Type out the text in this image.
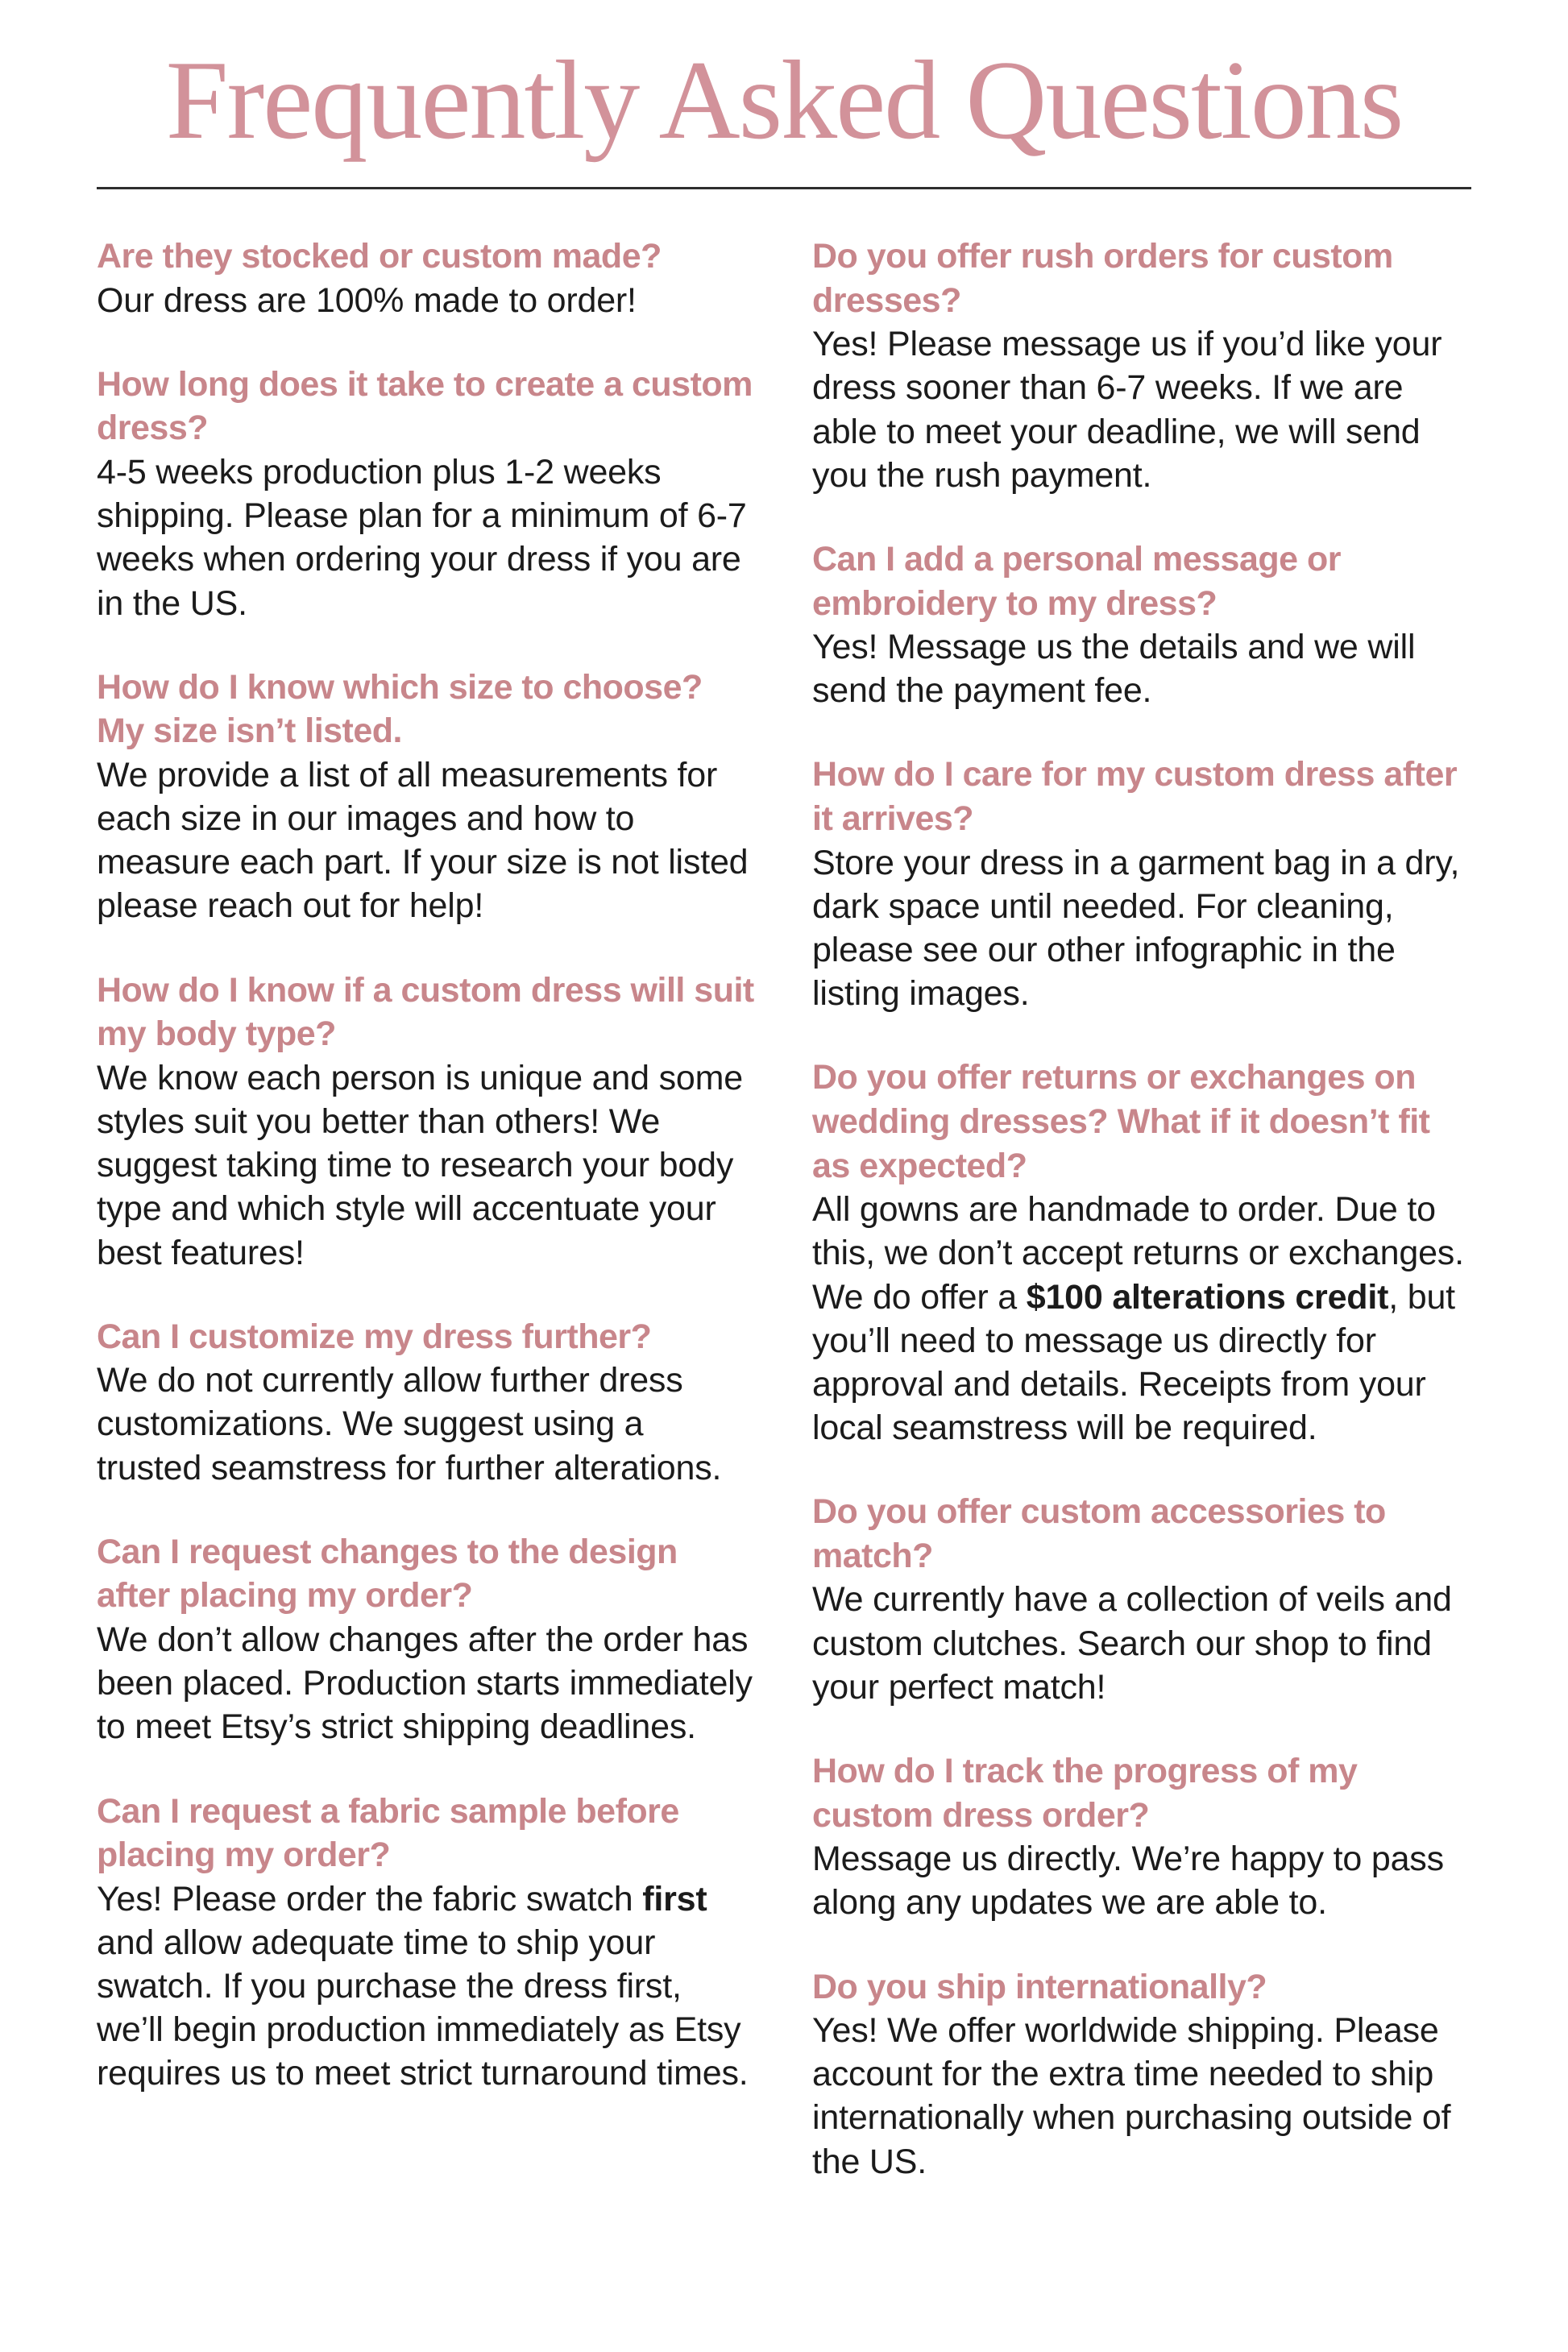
Frequently Asked Questions
Are they stocked or custom made?

Our dress are 100% made to order!

How long does it take to create a custom dress?

4-5 weeks production plus 1-2 weeks shipping. Please plan for a minimum of 6-7 weeks when ordering your dress if you are in the US.

How do I know which size to choose? My size isn’t listed.

We provide a list of all measurements for each size in our images and how to measure each part. If your size is not listed please reach out for help!

How do I know if a custom dress will suit my body type?

We know each person is unique and some styles suit you better than others! We suggest taking time to research your body type and which style will accentuate your best features!

Can I customize my dress further?

We do not currently allow further dress customizations. We suggest using a trusted seamstress for further alterations.

Can I request changes to the design after placing my order?

We don’t allow changes after the order has been placed. Production starts immediately to meet Etsy’s strict shipping deadlines.

Can I request a fabric sample before placing my order?

Yes! Please order the fabric swatch first and allow adequate time to ship your swatch. If you purchase the dress first, we’ll begin production immediately as Etsy requires us to meet strict turnaround times.

Do you offer rush orders for custom dresses?

Yes! Please message us if you’d like your dress sooner than 6-7 weeks. If we are able to meet your deadline, we will send you the rush payment.

Can I add a personal message or embroidery to my dress?

Yes! Message us the details and we will send the payment fee.

How do I care for my custom dress after it arrives?

Store your dress in a garment bag in a dry, dark space until needed. For cleaning, please see our other infographic in the listing images.

Do you offer returns or exchanges on wedding dresses? What if it doesn’t fit as expected?

All gowns are handmade to order. Due to this, we don’t accept returns or exchanges. We do offer a $100 alterations credit, but you’ll need to message us directly for approval and details. Receipts from your local seamstress will be required.

Do you offer custom accessories to match?

We currently have a collection of veils and custom clutches. Search our shop to find your perfect match!

How do I track the progress of my custom dress order?

Message us directly. We’re happy to pass along any updates we are able to.

Do you ship internationally?

Yes! We offer worldwide shipping. Please account for the extra time needed to ship internationally when purchasing outside of the US.
